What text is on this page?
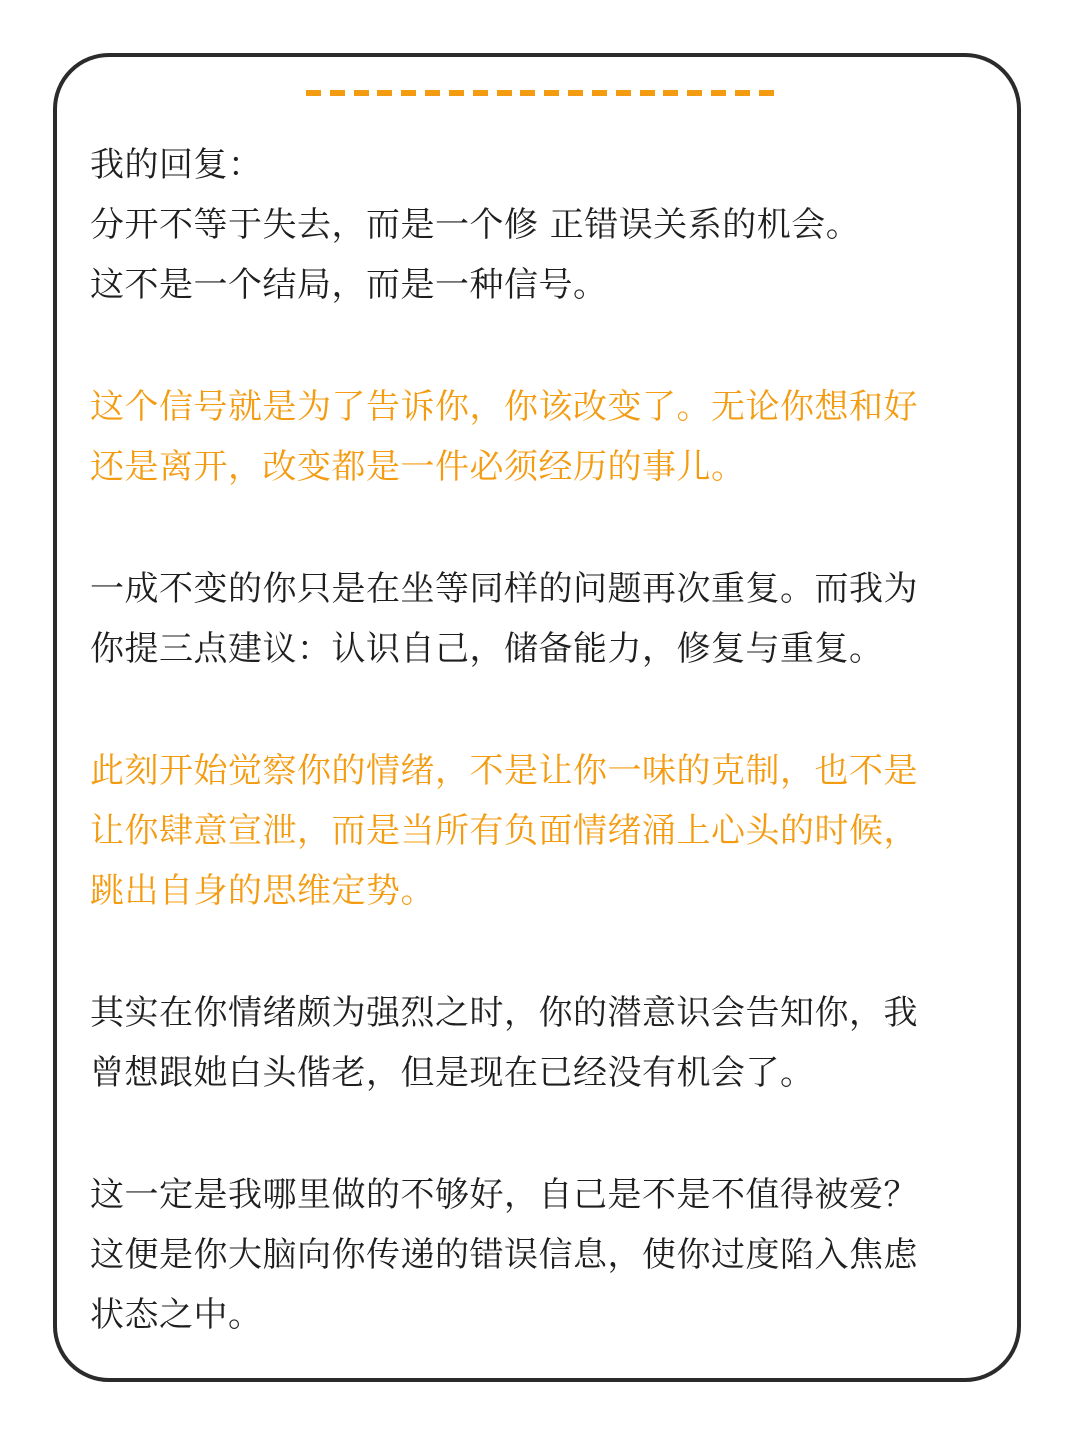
我的回复：
分开不等于失去，而是一个修 正错误关系的机会。
这不是一个结局，而是一种信号。
这个信号就是为了告诉你，你该改变了。无论你想和好
还是离开，改变都是一件必须经历的事儿。
一成不变的你只是在坐等同样的问题再次重复。而我为
你提三点建议：认识自己，储备能力，修复与重复。
此刻开始觉察你的情绪，不是让你一味的克制，也不是
让你肆意宣泄，而是当所有负面情绪涌上心头的时候，
跳出自身的思维定势。
其实在你情绪颇为强烈之时，你的潜意识会告知你，我
曾想跟她白头偕老，但是现在已经没有机会了。
这一定是我哪里做的不够好，自己是不是不值得被爱？
这便是你大脑向你传递的错误信息，使你过度陷入焦虑
状态之中。
